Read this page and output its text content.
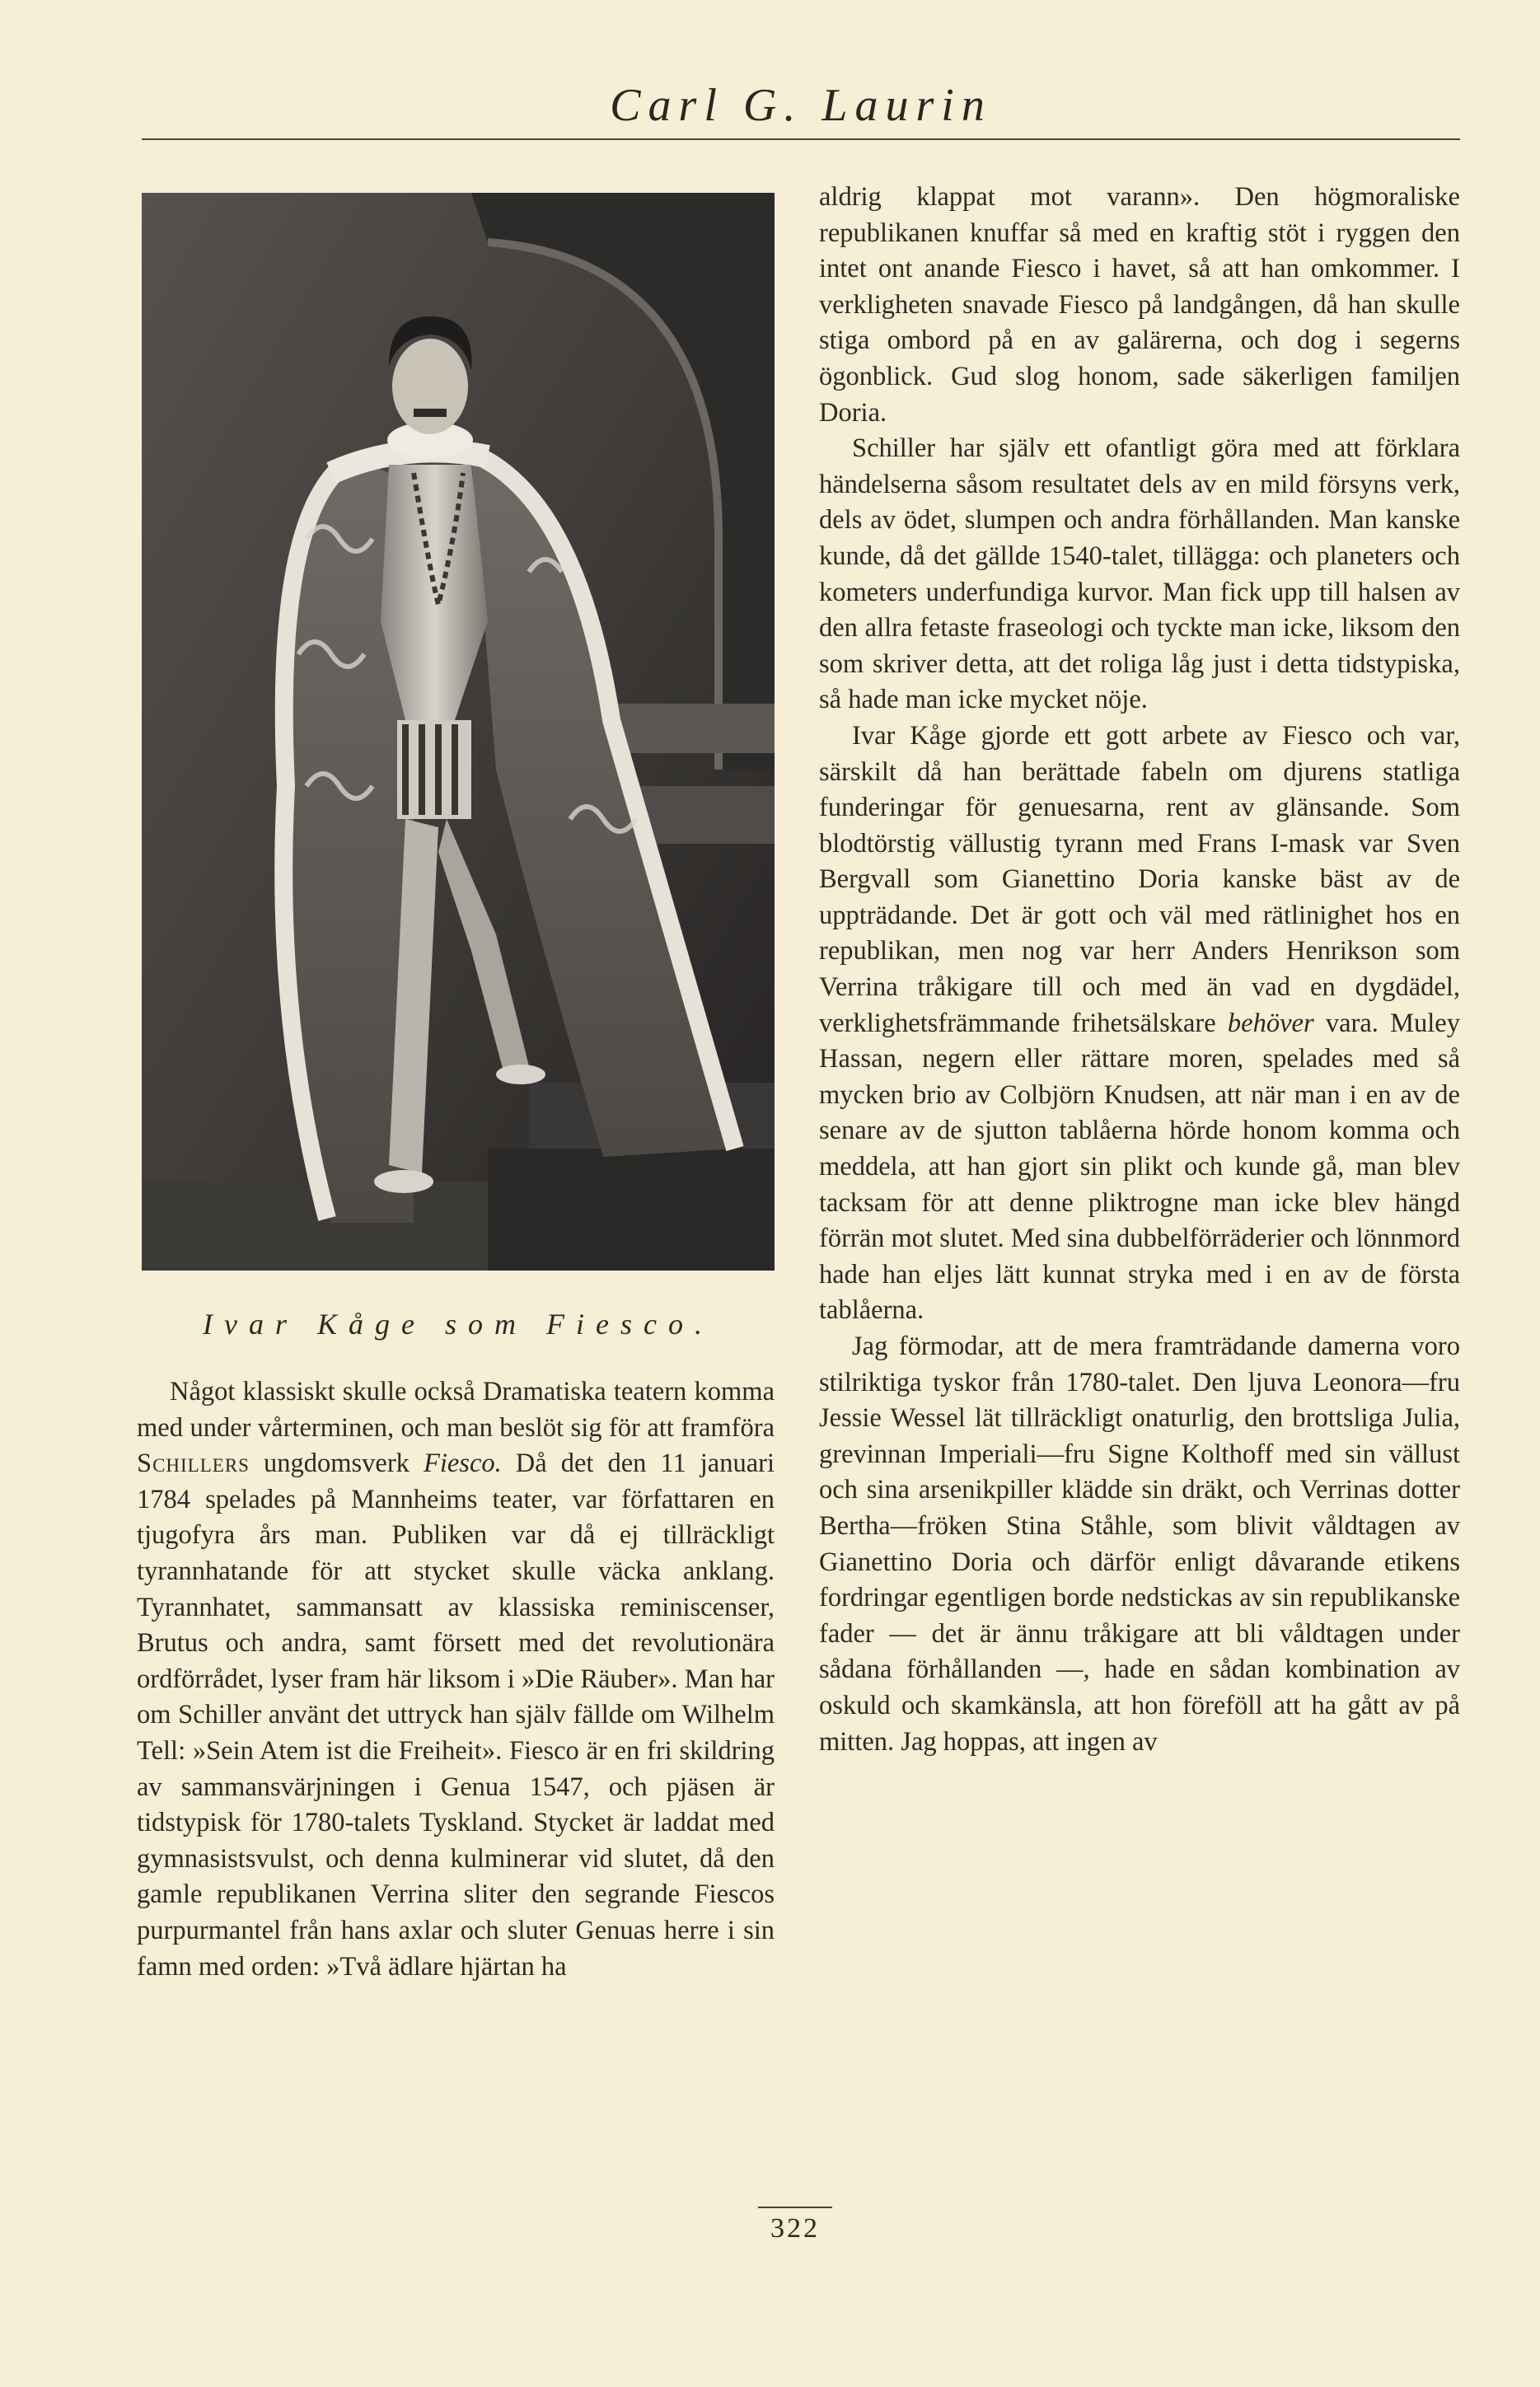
Carl G. Laurin
Ivar Kåge som Fiesco.

Något klassiskt skulle också Dramatiska teatern komma med under vårterminen, och man beslöt sig för att framföra Schillers ungdomsverk Fiesco. Då det den 11 januari 1784 spelades på Mannheims teater, var författaren en tjugofyra års man. Publiken var då ej tillräckligt tyrannhatande för att stycket skulle väcka anklang. Tyrannhatet, sammansatt av klassiska reminiscenser, Brutus och andra, samt försett med det revolutionära ordförrådet, lyser fram här liksom i »Die Räuber». Man har om Schiller använt det uttryck han själv fällde om Wilhelm Tell: »Sein Atem ist die Freiheit». Fiesco är en fri skildring av sammansvärjningen i Genua 1547, och pjäsen är tidstypisk för 1780-talets Tyskland. Stycket är laddat med gymnasistsvulst, och denna kulminerar vid slutet, då den gamle republikanen Verrina sliter den segrande Fiescos purpurmantel från hans axlar och sluter Genuas herre i sin famn med orden: »Två ädlare hjärtan ha

aldrig klappat mot varann». Den högmoraliske republikanen knuffar så med en kraftig stöt i ryggen den intet ont anande Fiesco i havet, så att han omkommer. I verkligheten snavade Fiesco på landgången, då han skulle stiga ombord på en av galärerna, och dog i segerns ögonblick. Gud slog honom, sade säkerligen familjen Doria.

Schiller har själv ett ofantligt göra med att förklara händelserna såsom resultatet dels av en mild försyns verk, dels av ödet, slumpen och andra förhållanden. Man kanske kunde, då det gällde 1540-talet, tillägga: och planeters och kometers underfundiga kurvor. Man fick upp till halsen av den allra fetaste fraseologi och tyckte man icke, liksom den som skriver detta, att det roliga låg just i detta tidstypiska, så hade man icke mycket nöje.

Ivar Kåge gjorde ett gott arbete av Fiesco och var, särskilt då han berättade fabeln om djurens statliga funderingar för genuesarna, rent av glänsande. Som blodtörstig vällustig tyrann med Frans I-mask var Sven Bergvall som Gianettino Doria kanske bäst av de uppträdande. Det är gott och väl med rätlinighet hos en republikan, men nog var herr Anders Henrikson som Verrina tråkigare till och med än vad en dygdädel, verklighetsfrämmande frihetsälskare behöver vara. Muley Hassan, negern eller rättare moren, spelades med så mycken brio av Colbjörn Knudsen, att när man i en av de senare av de sjutton tablåerna hörde honom komma och meddela, att han gjort sin plikt och kunde gå, man blev tacksam för att denne pliktrogne man icke blev hängd förrän mot slutet. Med sina dubbelförräderier och lönnmord hade han eljes lätt kunnat stryka med i en av de första tablåerna.

Jag förmodar, att de mera framträdande damerna voro stilriktiga tyskor från 1780-talet. Den ljuva Leonora—fru Jessie Wessel lät tillräckligt onaturlig, den brottsliga Julia, grevinnan Imperiali—fru Signe Kolthoff med sin vällust och sina arsenikpiller klädde sin dräkt, och Verrinas dotter Bertha—fröken Stina Ståhle, som blivit våldtagen av Gianettino Doria och därför enligt dåvarande etikens fordringar egentligen borde nedstickas av sin republikanske fader — det är ännu tråkigare att bli våldtagen under sådana förhållanden —, hade en sådan kombination av oskuld och skamkänsla, att hon föreföll att ha gått av på mitten. Jag hoppas, att ingen av

322
